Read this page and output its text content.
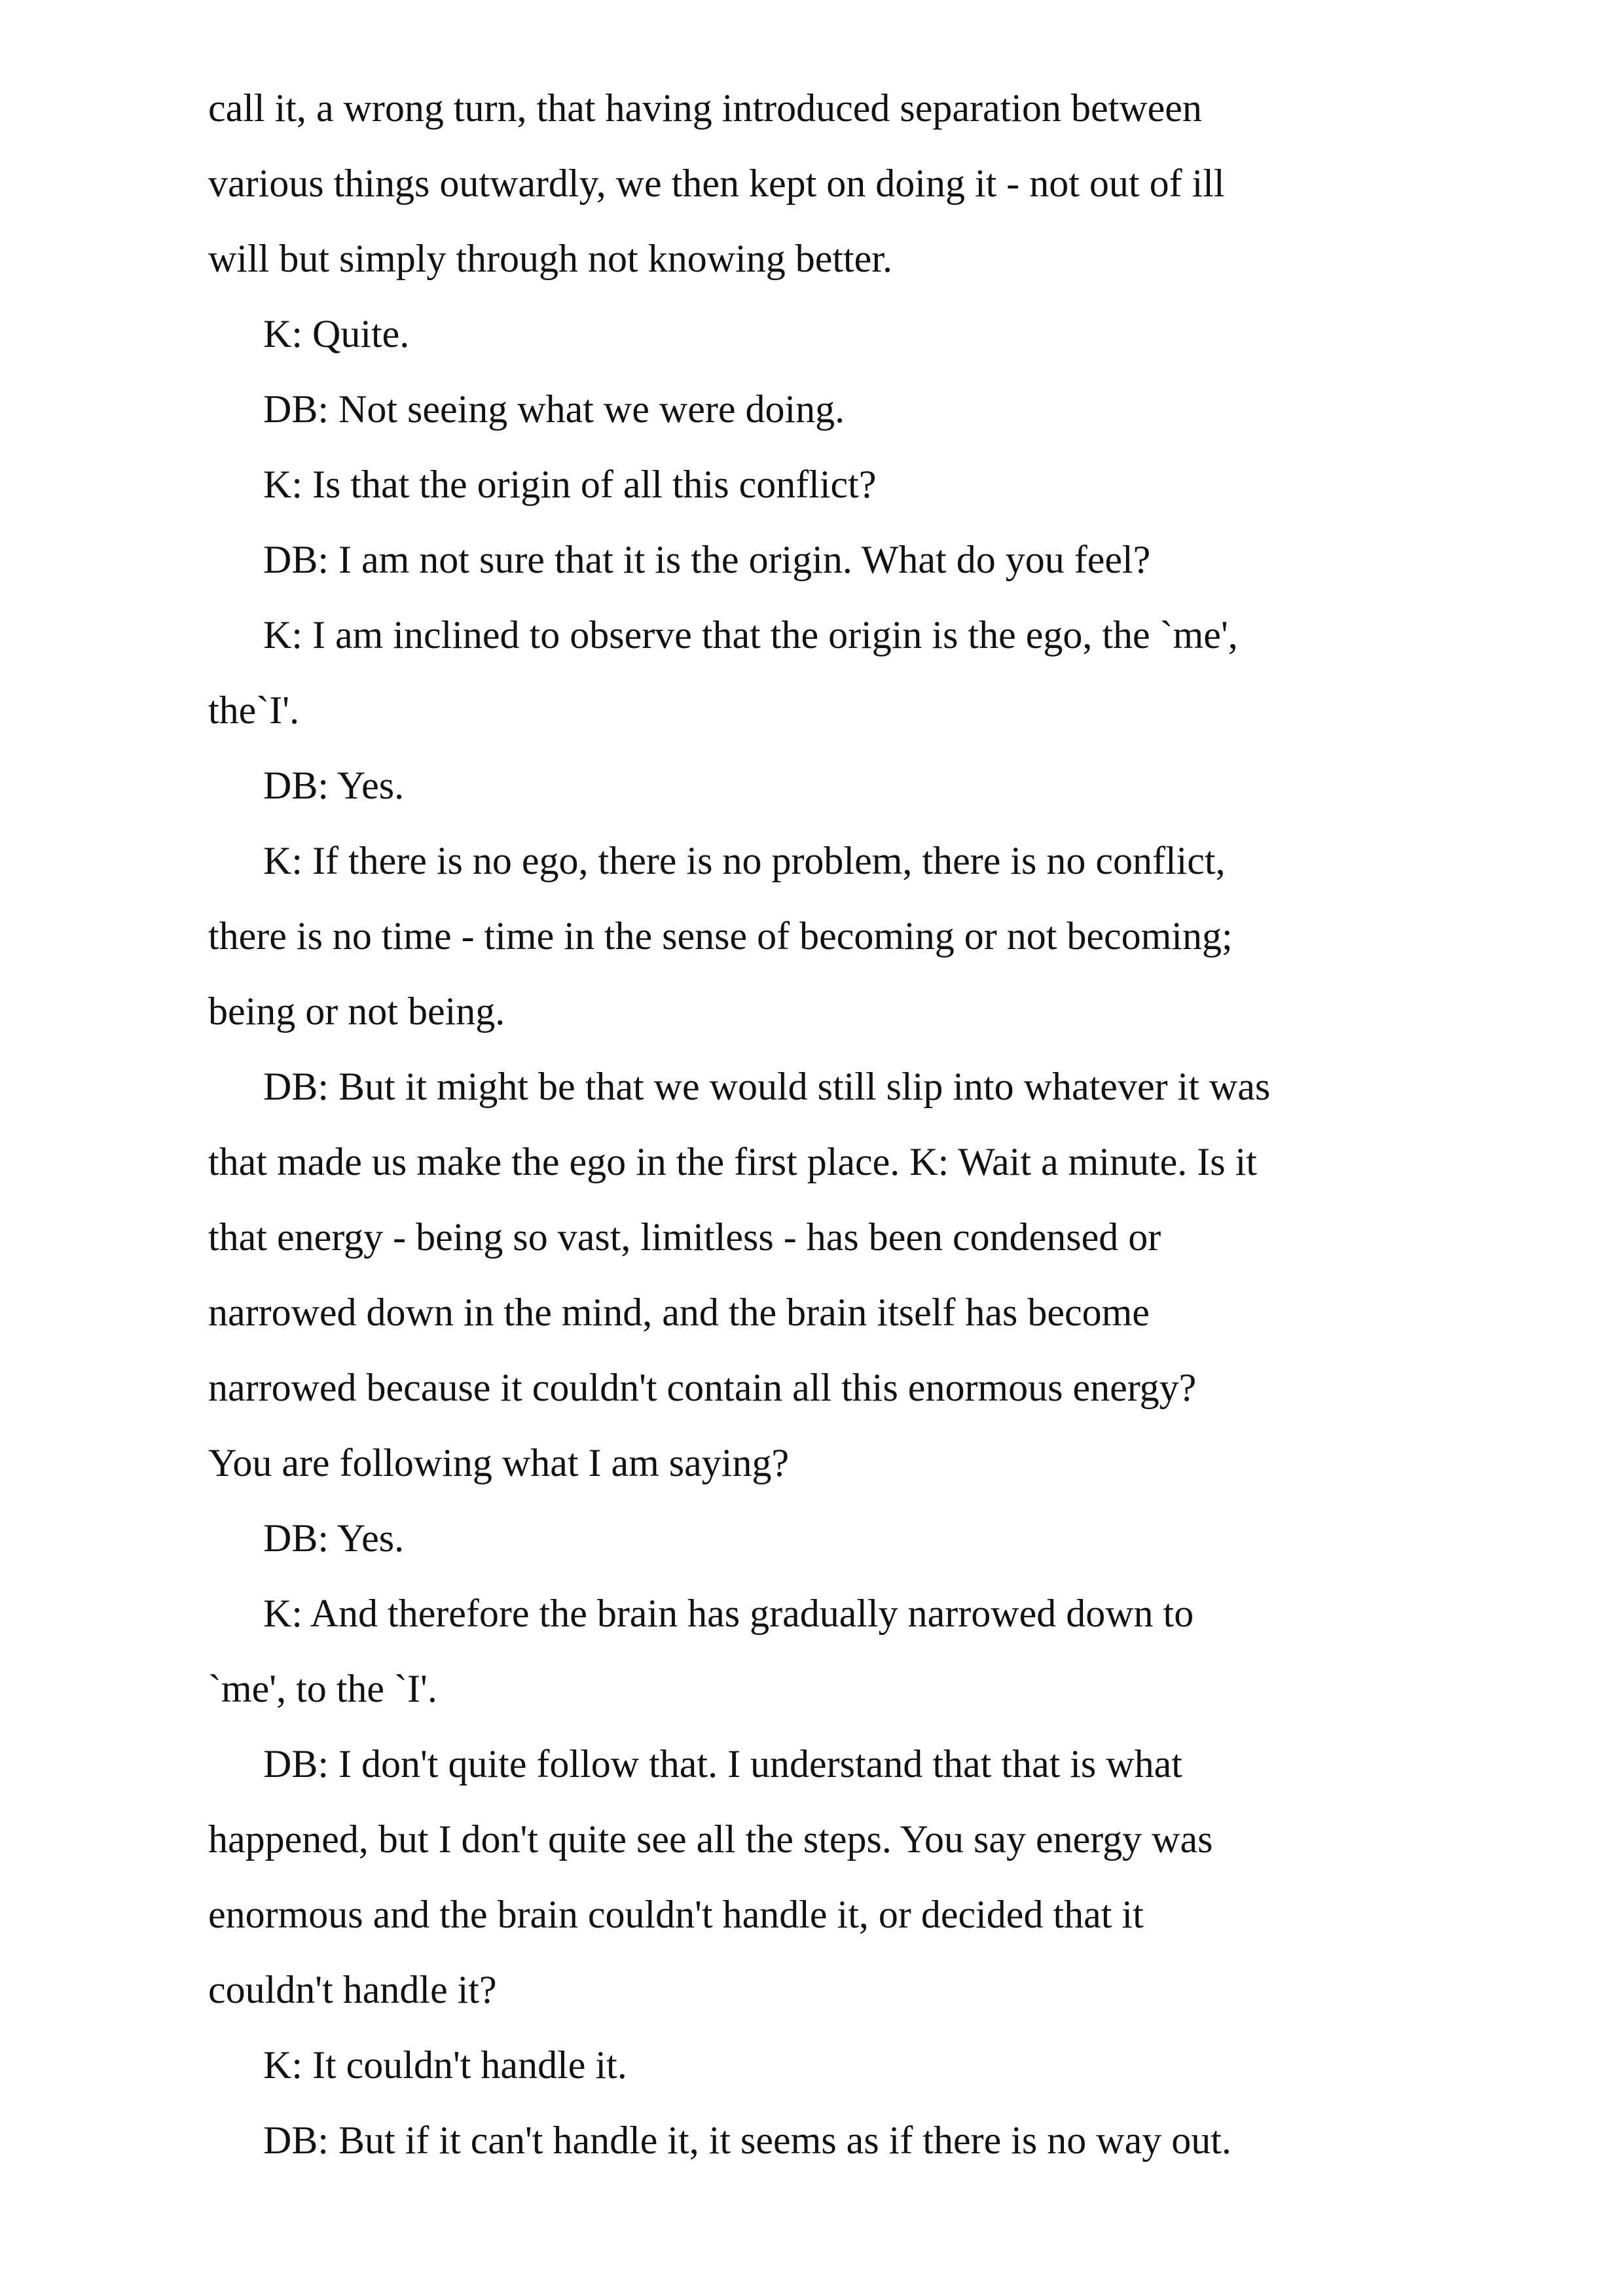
call it, a wrong turn, that having introduced separation between
various things outwardly, we then kept on doing it - not out of ill
will but simply through not knowing better.
K: Quite.
DB: Not seeing what we were doing.
K: Is that the origin of all this conflict?
DB: I am not sure that it is the origin. What do you feel?
K: I am inclined to observe that the origin is the ego, the `me',
the`I'.
DB: Yes.
K: If there is no ego, there is no problem, there is no conflict,
there is no time - time in the sense of becoming or not becoming;
being or not being.
DB: But it might be that we would still slip into whatever it was
that made us make the ego in the first place. K: Wait a minute. Is it
that energy - being so vast, limitless - has been condensed or
narrowed down in the mind, and the brain itself has become
narrowed because it couldn't contain all this enormous energy?
You are following what I am saying?
DB: Yes.
K: And therefore the brain has gradually narrowed down to
`me', to the `I'.
DB: I don't quite follow that. I understand that that is what
happened, but I don't quite see all the steps. You say energy was
enormous and the brain couldn't handle it, or decided that it
couldn't handle it?
K: It couldn't handle it.
DB: But if it can't handle it, it seems as if there is no way out.
